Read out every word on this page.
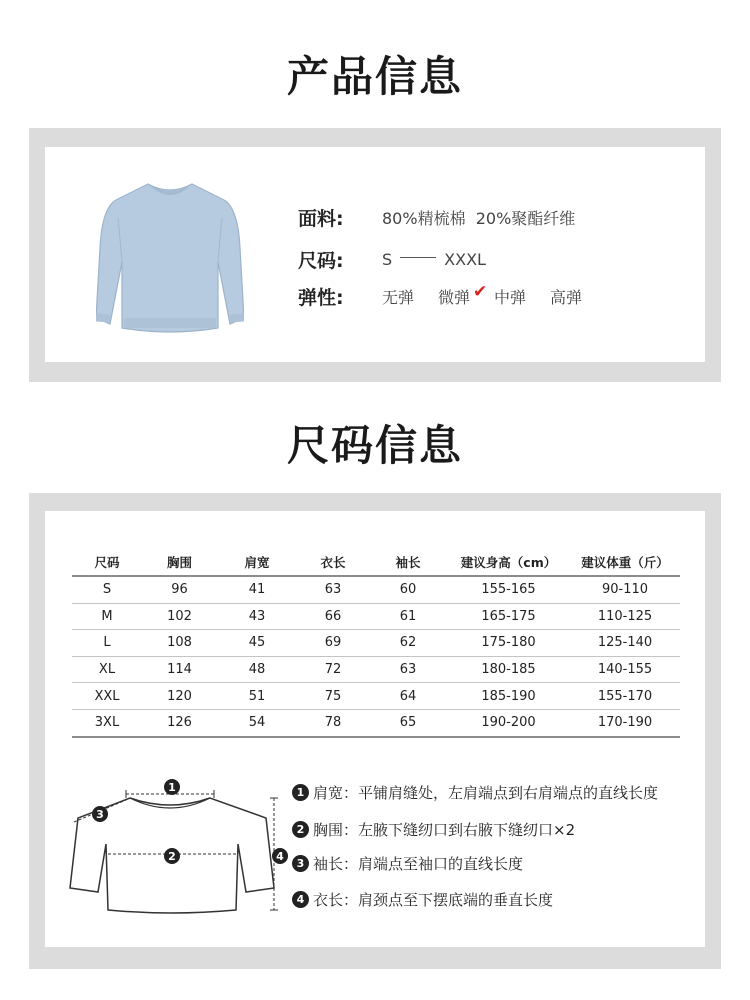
产品信息
面料:	80%精梳棉  20%聚酯纤维
尺码:	S	XXXL
弹性:	无弹 微弹 ✔ 中弹 高弹
尺码信息
尺码	胸围	肩宽	衣长	袖长	建议身高（cm）	建议体重（斤）
S	96	41	63	60	155-165	90-110
M	102	43	66	61	165-175	110-125
L	108	45	69	62	175-180	125-140
XL	114	48	72	63	180-185	140-155
XXL	120	51	75	64	185-190	155-170
3XL	126	54	78	65	190-200	170-190
1
2
3
4
1 肩宽 ：平铺肩缝处，左肩端点到右肩端点的直线长度
2 胸围 ：左腋下缝纫口到右腋下缝纫口×2
3 袖长 ：肩端点至袖口的直线长度
4 衣长 ：肩颈点至下摆底端的垂直长度
